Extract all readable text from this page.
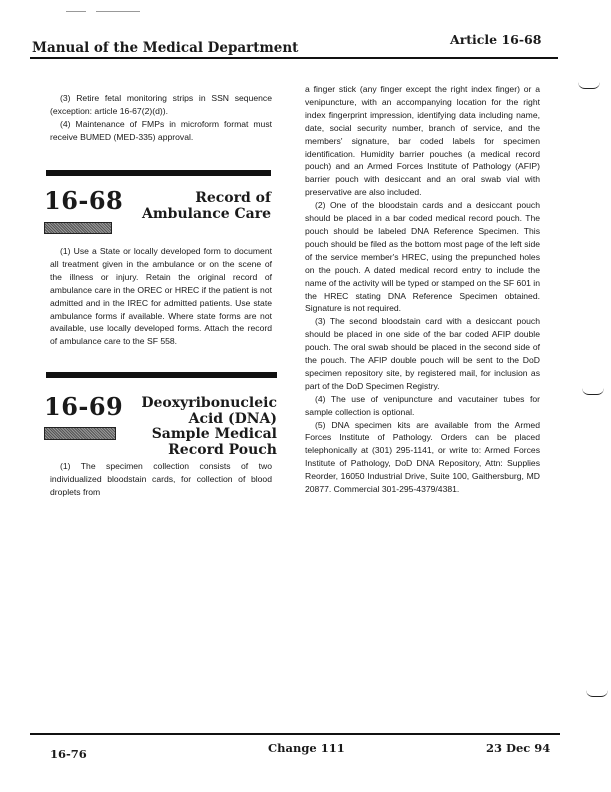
Manual of the Medical Department
Article 16-68

(3) Retire fetal monitoring strips in SSN sequence (exception: article 16-67(2)(d)).

(4) Maintenance of FMPs in microform format must receive BUMED (MED-335) approval.

16-68	Record of
Ambulance Care

(1) Use a State or locally developed form to document all treatment given in the ambulance or on the scene of the illness or injury. Retain the original record of ambulance care in the OREC or HREC if the patient is not admitted and in the IREC for admitted patients. Use state ambulance forms if available. Where state forms are not available, use locally developed forms. Attach the record of ambulance care to the SF 558.

16-69	Deoxyribonucleic
Acid (DNA)
Sample Medical
Record Pouch

(1) The specimen collection consists of two individualized bloodstain cards, for collection of blood droplets from

a finger stick (any finger except the right index finger) or a venipuncture, with an accompanying location for the right index fingerprint impression, identifying data including name, date, social security number, branch of service, and the members' signature, bar coded labels for specimen identification. Humidity barrier pouches (a medical record pouch) and an Armed Forces Institute of Pathology (AFIP) barrier pouch with desiccant and an oral swab vial with preservative are also included.

(2) One of the bloodstain cards and a desiccant pouch should be placed in a bar coded medical record pouch. The pouch should be labeled DNA Reference Specimen. This pouch should be filed as the bottom most page of the left side of the service member's HREC, using the prepunched holes on the pouch. A dated medical record entry to include the name of the activity will be typed or stamped on the SF 601 in the HREC stating DNA Reference Specimen obtained. Signature is not required.

(3) The second bloodstain card with a desiccant pouch should be placed in one side of the bar coded AFIP double pouch. The oral swab should be placed in the second side of the pouch. The AFIP double pouch will be sent to the DoD specimen repository site, by registered mail, for inclusion as part of the DoD Specimen Registry.

(4) The use of venipuncture and vacutainer tubes for sample collection is optional.

(5) DNA specimen kits are available from the Armed Forces Institute of Pathology. Orders can be placed telephonically at (301) 295-1141, or write to: Armed Forces Institute of Pathology, DoD DNA Repository, Attn: Supplies Reorder, 16050 Industrial Drive, Suite 100, Gaithersburg, MD 20877. Commercial 301-295-4379/4381.

16-76	Change 111	23 Dec 94
